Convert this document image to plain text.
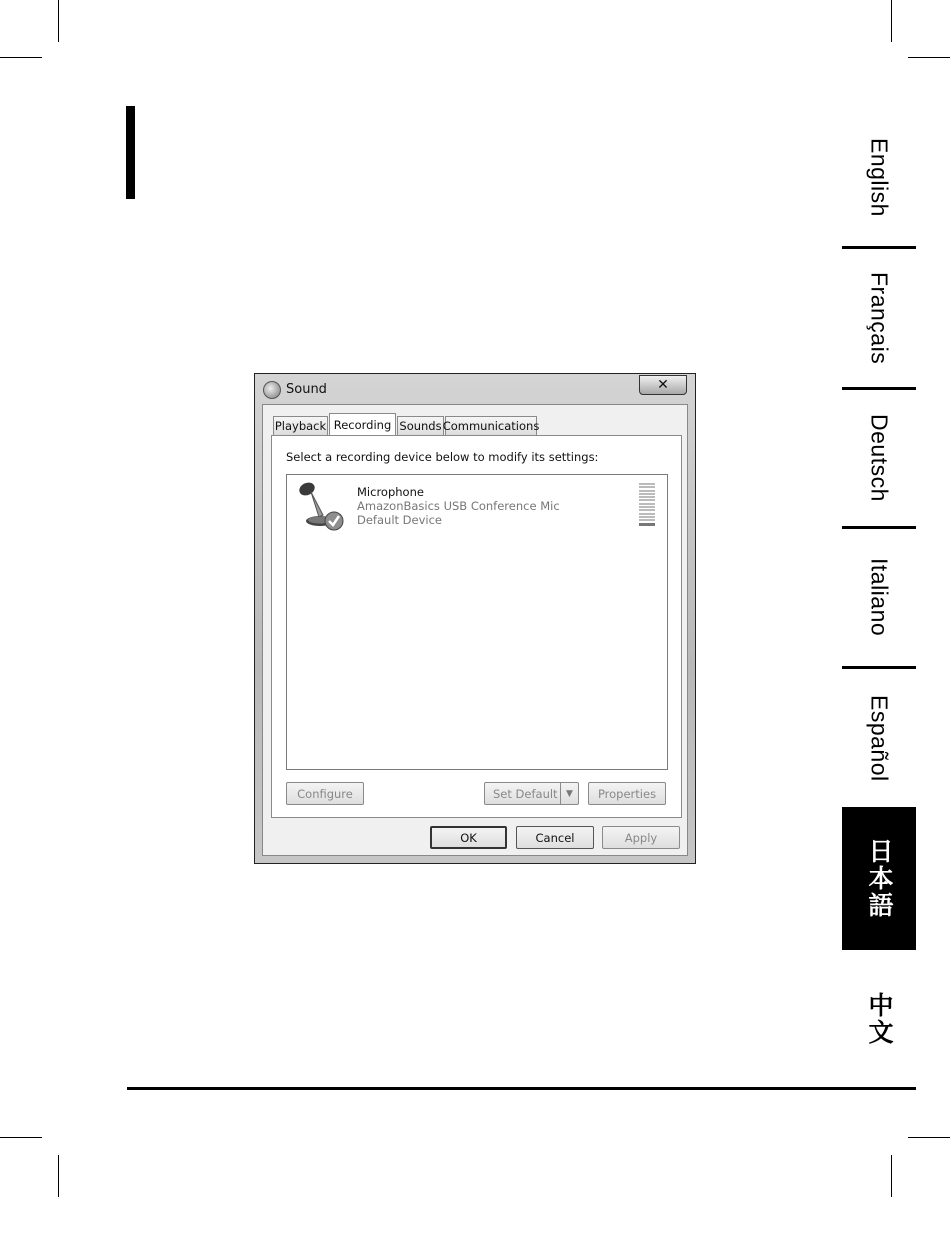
English
Français
Deutsch
Italiano
Español
日本語
中文
Sound	✕
Playback Recording Sounds Communications
Select a recording device below to modify its settings:
Microphone
AmazonBasics USB Conference Mic
Default Device
Configure	Set Default ▼	Properties
OK	Cancel	Apply
